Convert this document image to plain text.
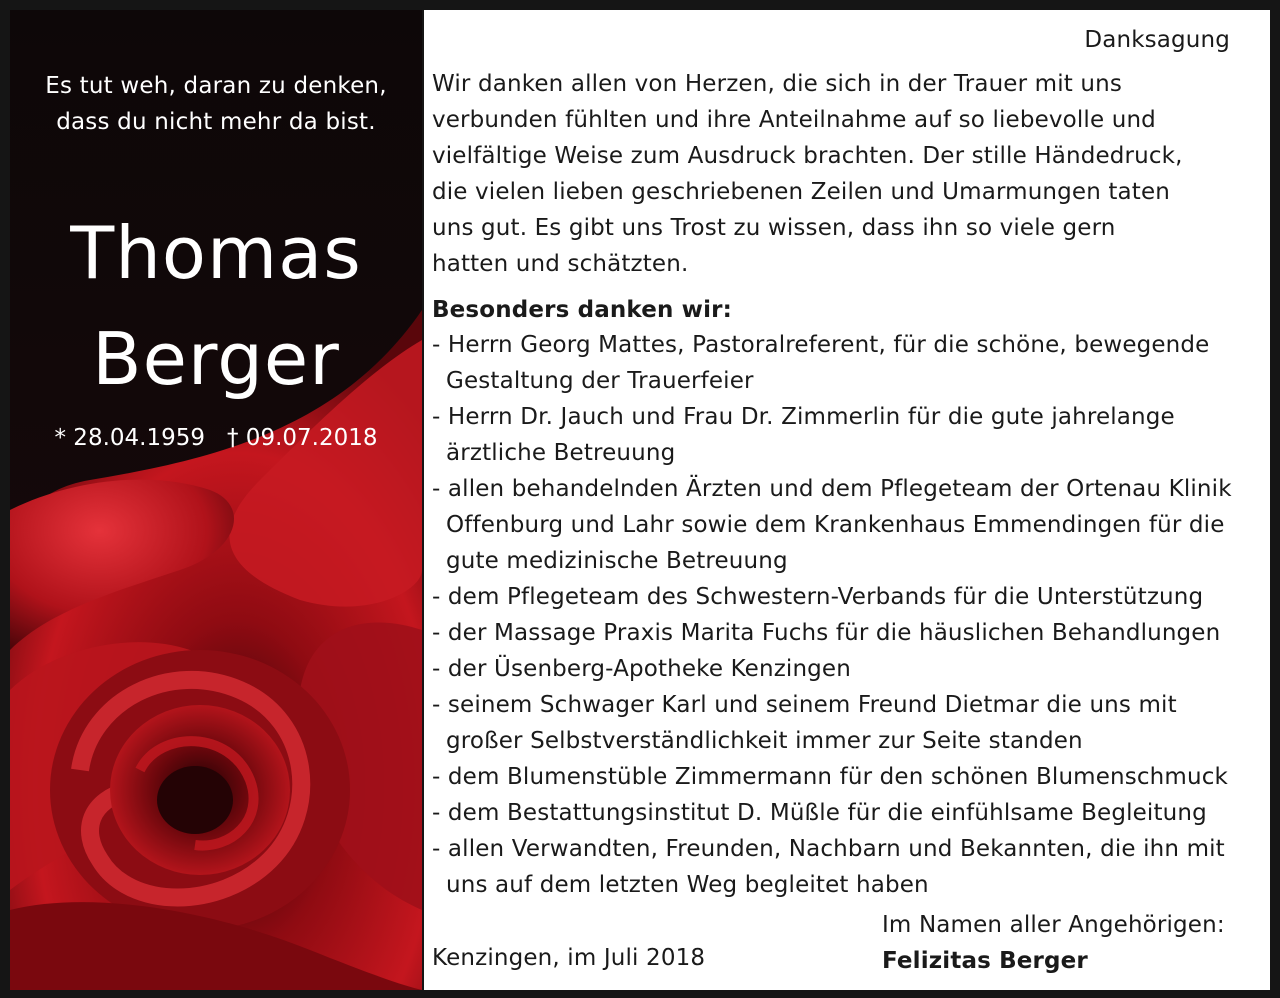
Es tut weh, daran zu denken,
dass du nicht mehr da bist.
Thomas
Berger
* 28.04.1959 † 09.07.2018
Danksagung
Wir danken allen von Herzen, die sich in der Trauer mit uns
verbunden fühlten und ihre Anteilnahme auf so liebevolle und
vielfältige Weise zum Ausdruck brachten. Der stille Händedruck,
die vielen lieben geschriebenen Zeilen und Umarmungen taten
uns gut. Es gibt uns Trost zu wissen, dass ihn so viele gern
hatten und schätzten.
Besonders danken wir:
- Herrn Georg Mattes, Pastoralreferent, für die schöne, bewegende Gestaltung der Trauerfeier
- Herrn Dr. Jauch und Frau Dr. Zimmerlin für die gute jahrelange ärztliche Betreuung
- allen behandelnden Ärzten und dem Pflegeteam der Ortenau Klinik Offenburg und Lahr sowie dem Krankenhaus Emmendingen für die gute medizinische Betreuung
- dem Pflegeteam des Schwestern-Verbands für die Unterstützung
- der Massage Praxis Marita Fuchs für die häuslichen Behandlungen
- der Üsenberg-Apotheke Kenzingen
- seinem Schwager Karl und seinem Freund Dietmar die uns mit großer Selbstverständlichkeit immer zur Seite standen
- dem Blumenstüble Zimmermann für den schönen Blumenschmuck
- dem Bestattungsinstitut D. Müßle für die einfühlsame Begleitung
- allen Verwandten, Freunden, Nachbarn und Bekannten, die ihn mit uns auf dem letzten Weg begleitet haben
Kenzingen, im Juli 2018
Im Namen aller Angehörigen:
Felizitas Berger
